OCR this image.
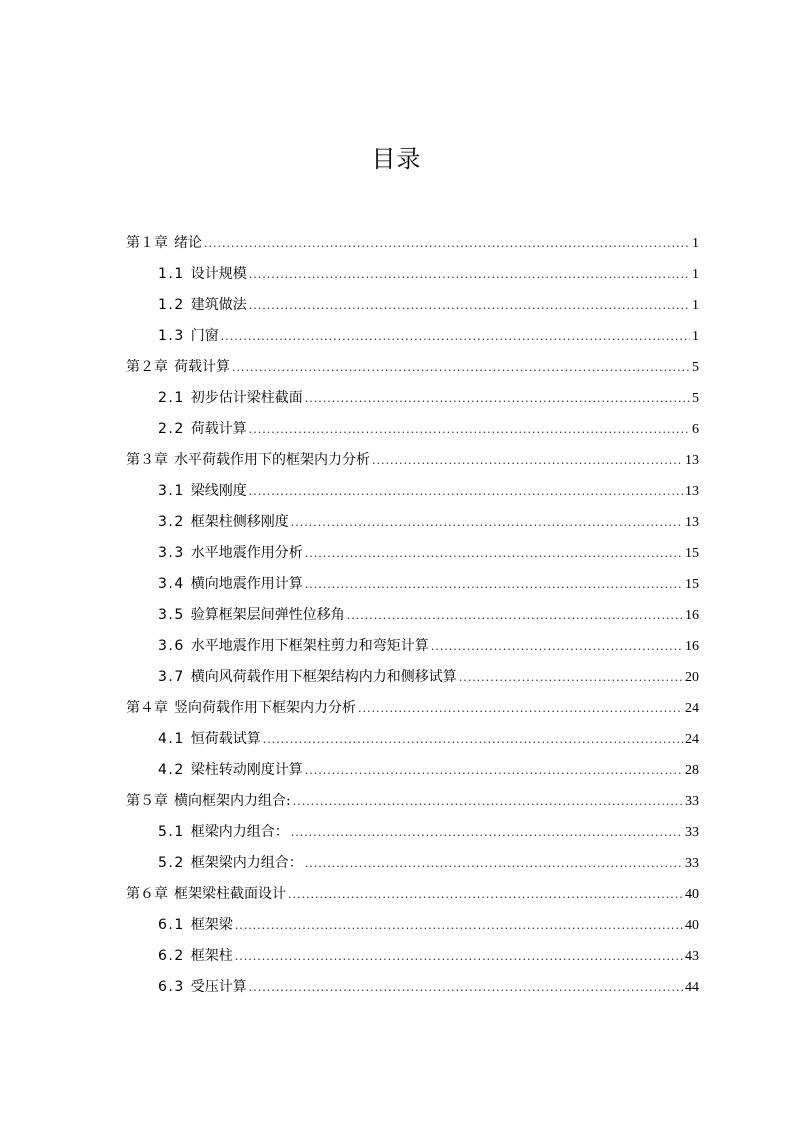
目录
第１章 绪论 .....	1
1.1 设计规模 .....	1
1.2 建筑做法 .....	1
1.3 门窗 .....	1
第２章 荷载计算 .....	5
2.1 初步估计梁柱截面 .....	5
2.2 荷载计算 .....	6
第３章 水平荷载作用下的框架内力分析 .....	13
3.1 梁线刚度 .....	13
3.2 框架柱侧移刚度 .....	13
3.3 水平地震作用分析 .....	15
3.4 横向地震作用计算 .....	15
3.5 验算框架层间弹性位移角 .....	16
3.6 水平地震作用下框架柱剪力和弯矩计算 .....	16
3.7 横向风荷载作用下框架结构内力和侧移试算 .....	20
第４章 竖向荷载作用下框架内力分析 .....	24
4.1 恒荷载试算 .....	24
4.2 梁柱转动刚度计算 .....	28
第５章 横向框架内力组合: .....	33
5.1 框梁内力组合： .....	33
5.2 框架梁内力组合： .....	33
第６章 框架梁柱截面设计 .....	40
6.1 框架梁 .....	40
6.2 框架柱 .....	43
6.3 受压计算 .....	44
